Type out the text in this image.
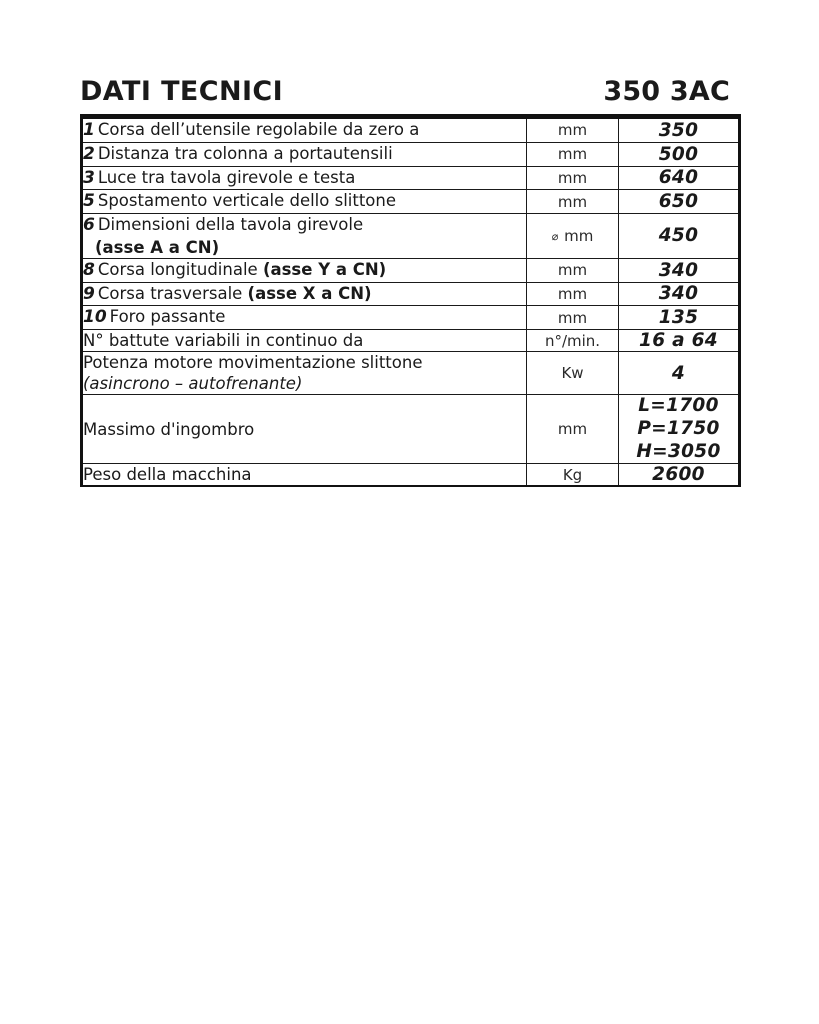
DATI TECNICI	350 3AC
1 Corsa dell’utensile regolabile da zero a	mm	350
2 Distanza tra colonna a portautensili	mm	500
3 Luce tra tavola girevole e testa	mm	640
5 Spostamento verticale dello slittone	mm	650
6 Dimensioni della tavola girevole
(asse A a CN)	⌀ mm	450
8 Corsa longitudinale (asse Y a CN)	mm	340
9 Corsa trasversale (asse X a CN)	mm	340
10 Foro passante	mm	135
N° battute variabili in continuo da	n°/min.	16 a 64
Potenza motore movimentazione slittone
(asincrono – autofrenante)	Kw	4
Massimo d'ingombro	mm	L=1700
P=1750
H=3050

Peso della macchina	Kg	2600
